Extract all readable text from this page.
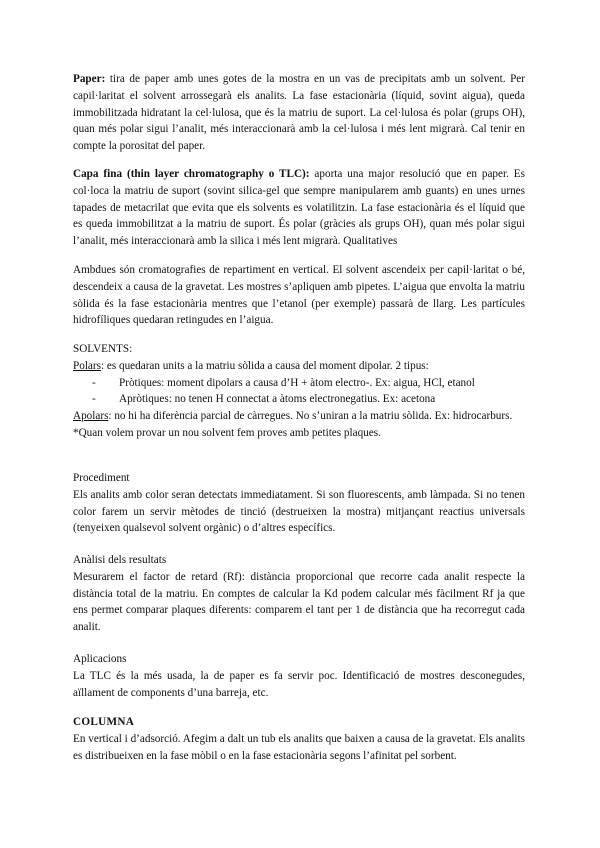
Paper: tira de paper amb unes gotes de la mostra en un vas de precipitats amb un solvent. Per capil·laritat el solvent arrossegarà els analits. La fase estacionària (líquid, sovint aigua), queda immobilitzada hidratant la cel·lulosa, que és la matriu de suport. La cel·lulosa és polar (grups OH), quan més polar sigui l’analit, més interaccionarà amb la cel·lulosa i més lent migrarà. Cal tenir en compte la porositat del paper.

Capa fina (thin layer chromatography o TLC): aporta una major resolució que en paper. Es col·loca la matriu de suport (sovint silica-gel que sempre manipularem amb guants) en unes urnes tapades de metacrilat que evita que els solvents es volatilitzin. La fase estacionària és el líquid que es queda immobilitzat a la matriu de suport. És polar (gràcies als grups OH), quan més polar sigui l’analit, més interaccionarà amb la silica i més lent migrarà. Qualitatives

Ambdues són cromatografies de repartiment en vertical. El solvent ascendeix per capil·laritat o bé, descendeix a causa de la gravetat. Les mostres s’apliquen amb pipetes. L’aigua que envolta la matriu sòlida és la fase estacionària mentres que l’etanol (per exemple) passarà de llarg. Les partícules hidrofíliques quedaran retingudes en l’aigua.

SOLVENTS:

Polars: es quedaran units a la matriu sòlida a causa del moment dipolar. 2 tipus:

- Pròtiques: moment dipolars a causa d’H + àtom electro-. Ex: aigua, HCl, etanol
- Apròtiques: no tenen H connectat a àtoms electronegatius. Ex: acetona

Apolars: no hi ha diferència parcial de càrregues. No s’uniran a la matriu sòlida. Ex: hidrocarburs.

*Quan volem provar un nou solvent fem proves amb petites plaques.

Procediment

Els analits amb color seran detectats immediatament. Si son fluorescents, amb làmpada. Si no tenen color farem un servir mètodes de tinció (destrueixen la mostra) mitjançant reactius universals (tenyeixen qualsevol solvent orgànic) o d’altres específics.

Anàlisi dels resultats

Mesurarem el factor de retard (Rf): distància proporcional que recorre cada analit respecte la distància total de la matriu. En comptes de calcular la Kd podem calcular més fàcilment Rf ja que ens permet comparar plaques diferents: comparem el tant per 1 de distància que ha recorregut cada analit.

Aplicacions

La TLC és la més usada, la de paper es fa servir poc. Identificació de mostres desconegudes, aïllament de components d’una barreja, etc.

COLUMNA

En vertical i d’adsorció. Afegim a dalt un tub els analits que baixen a causa de la gravetat. Els analits es distribueixen en la fase mòbil o en la fase estacionària segons l’afinitat pel sorbent.
